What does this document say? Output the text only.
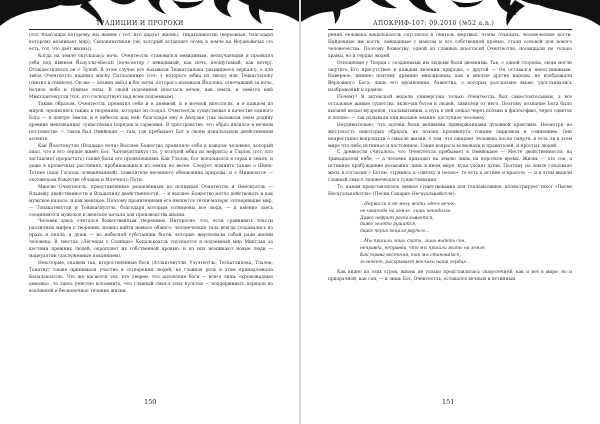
ТРАДИЦИИ И ПРОРОКИ

(тот, благодаря которому мы живём / тот, кто дарует жизнь); Тицахпанкотиц (верховная, благодаря которому возникает мир); Сыпоннехтикан (он, который вставляет огонь в земле на Иоуановичах (то есть, тот, что даёт жизнь)).

Когда на земле опускалась ночь, Очентеотль становился невидимым, нескучающим и проявлял себя под именем Йоаулли-ehecatl (ночь-ветер / невидимый, как ночь, неощутимый, как ветер). Отождествлялся он с Луной. В этом случае его называли Тецкатлипока (дымящееся зеркало), а для звёзд Очентеотль надевал маску Ситлалинике (тот, у которого юбка из звёзд) или Тецкатльпоку (светил в темноте). Он же — хозяин звёзд и бог ночи, которого называли Йоаллиэ, отвечавший за ночь, ночное небо и тёмные силы. В своей подземной ипостаси вечен, как земля, и зовётся ещё Миктлантекутли (тот, кто господствует над всем подземным).

Таким образом, Очентеотль проявлял себя и в дневной, и в ночной ипостасях, и в каждом из миров, проявляясь также в творениях, которые он создал. Очентеотль существовал в качестве единого Бога — в центре Земли, и в небесах над ней; благодаря ему в Анауаке (так называли свою родину древние мексиканцы) существовал порядок и гармония. В пространстве, его образ являлся в вечном постоянстве — таков был Омейокан — там, где пребывает Бог в своём изначальном двойственном аспекте.

Как Йоалтекутли (Владыка ночи) Высшее Божество проявляло себя в каждом человеке, который знал, что в его сердце живёт Бог. Чалчиуитликуэ (та, у которой юбка из нефрита) и Тлалок (тот, кто заставляет прорастать) также были его проявлениями. Как Тлалок, Бог воплощался в горах и земле, и даже в крошечных растениях, пробивающихся из земли по весне. Следует помнить также о Шипе-Тотеке (наш Господь освежёванный), повелителе весеннего обновления природы, и о Мишкоатле — охотничьем божестве облаков и Млечного Пути.

Многие Очентеотль, представленные разделённым на полярные Очентеотль и Омесиуатль — Владыку двойственности и Владычицу двойственности, — и высшее Божество могло действовать и как мужское начало, и как женское. Поэтому проявлениями его являются тётки-матери, сотворившие мир, — Тонакатекутли и Тонакасиуатль, благодаря которым сотворены все люди, — и именно здесь соединяются мужское и женское начала для производства жизни.

Человек здесь считался божественным творением. Интересно, что, если сравнивать тексты различных мифов о творении, можно найти немало общего: человеческие тела всегда создавались из праха и пепла, а души — из небесной субстанции богов, которые жертвовали собой ради жизни человека. В текстах «Легенды о Солнцах» Кецалькоатль спускается в подземный мир Миктлан за костями прежних людей, окропляет их собственной кровью, и из них возникают новые люди — мацеуалтин (заслуженные покаянием).

Некоторые, скажем так, второстепенные боги (Атлантекутли, Уэуэтеотль, Тескатлипока, Тлалок, Тонатиу) также принимали участие в сотворении людей, но главная роль в этом принадлежала Кецалькоатлю. Что же касается тех, кто уверен, что ацтекские боги — всего лишь «кровожадные демоны», то здесь уместно вспомнить, что главный смысл этих культов — поддерживать порядок во вселенной и бесконечное течение жизни.

150
АПОКРИФ-107: 09.2016 (№52 a.n.)

рения человека Кецалькоатль спустился в обитель мёртвых, чтобы отыскать человеческие кости. Найденные им кости, смешанные с маисом и его собственной кровью, стали основой для нового человечества. Поэтому божеству, одной из главных ипостасей Очентеотля, посвящали не только храмы, но и сердца людей.

Отношения у Творца с созданными им людьми были двоякими. Так, с одной стороны, люди могли ощутить Его присутствие в каждом явлении природы, с другой — Он оставался непостижимым. Наверное, именно поэтому древние мексиканцы, как и многие другие народы, не изображали Верховного Бога: лишь его проявления, божества, о которых рассказано выше, удостаивались изображений и храмов.

Почему? В ацтекской модели универсума только Очентеотль был самостоятельным, а все остальные живые существа, включая богов и людей, зависели от него. Поэтому познание Бога было высшей целью мудрецов, тлаламатиним, а путь к ней лежал через поэзию и философию, через «цветок и песню» — так называли они высшее знание, доступное человеку.

Неудивительно, что ацтеки были великими приверженцами духовной практики. Несмотря на жестокость некоторых обрядов, их поэзия проникнута тонким лиризмом и сомнением. Они непрестанно вопрошали о смысле жизни, о том, что ожидает человека после смерти, и есть ли в этом мире что-либо истинное и постоянное. Такие вопросы волновали и правителей, и простых людей.

С древности считалось, что Очентеотль пребывает в Омейокане — Месте двойственности, на тринадцатом небе, — а человек приходит на землю лишь на короткое время. Жизнь — это сон, а истинное пробуждение возможно лишь в ином мире, куда уходят души. Поэтому на земле следовало жить в согласии с Богом, стремясь к «цветку и песне», то есть к истине и красоте, — и в этом видели главный смысл человеческого существования.

То, каким представлялось земное существование для тлаламатиним, иллюстрирует текст «Песен Несауалькойотля» (Песни Сакарио Несауалькойотля):

...Неужели я не могу жить здесь вечно,
не навсегда на земле, лишь ненадолго.
Даже нефрит раскалывается,
даже золото рушится,
даже перья кецаля рвутся...
...Мы пришли лишь спать, лишь видеть сон,
неправда, неправда, что мы пришли жить на земле.
Как трава весенняя, так мы становимся,
зеленеет, раскрывает венчики наше сердце...

Как видно из этих строк, жизнь не только представлялась скоротечной, как и всё в мире, но и призрачной, как сон, — и лишь Бог, Очентеотль, оставался вечным и истинным.

151
